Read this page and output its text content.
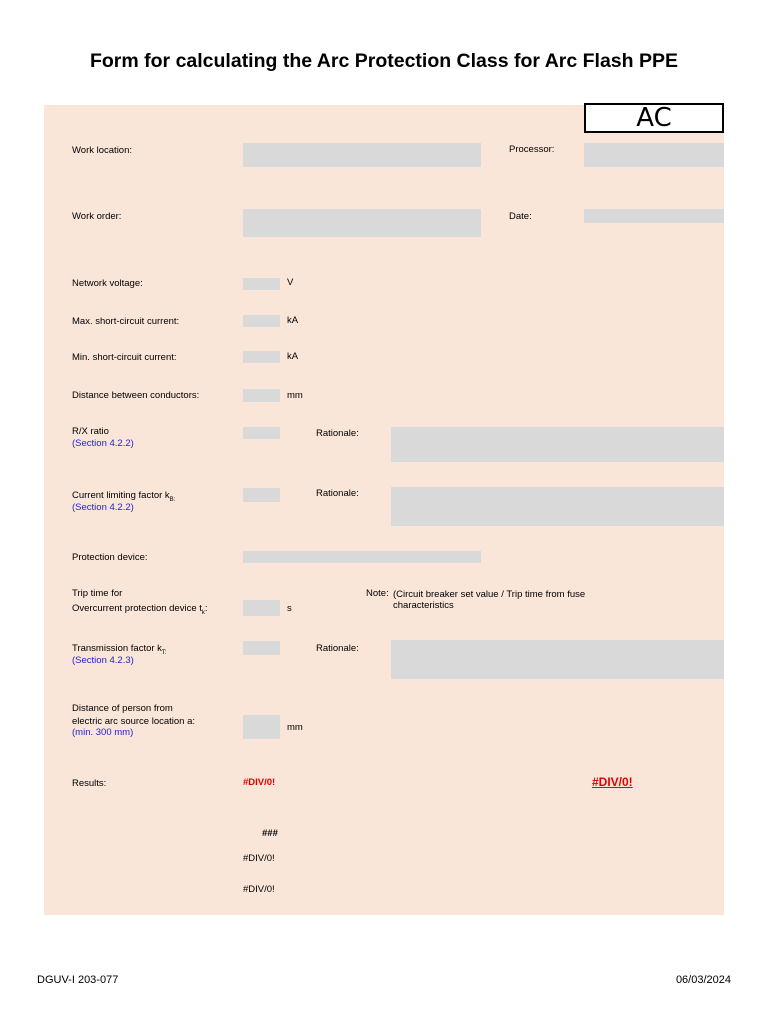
Form for calculating the Arc Protection Class for Arc Flash PPE
AC
Work location:	Processor:
Work order:	Date:
Network voltage:	V
Max. short-circuit current:	kA
Min. short-circuit current:	kA
Distance between conductors:	mm
R/X ratio
(Section 4.2.2)
Rationale:
Current limiting factor $k_{B:}$
(Section 4.2.2)
Rationale:
Protection device:
Trip time for
Overcurrent protection device $t_k$:	s
Note: (Circuit breaker set value / Trip time from fuse
characteristics
Transmission factor $k_{T:}$
(Section 4.2.3)
Rationale:
Distance of person from
electric arc source location a:
(min. 300 mm)	mm
Results:	#DIV/0!	#DIV/0!
###
#DIV/0!
#DIV/0!
DGUV-I 203-077	06/03/2024
